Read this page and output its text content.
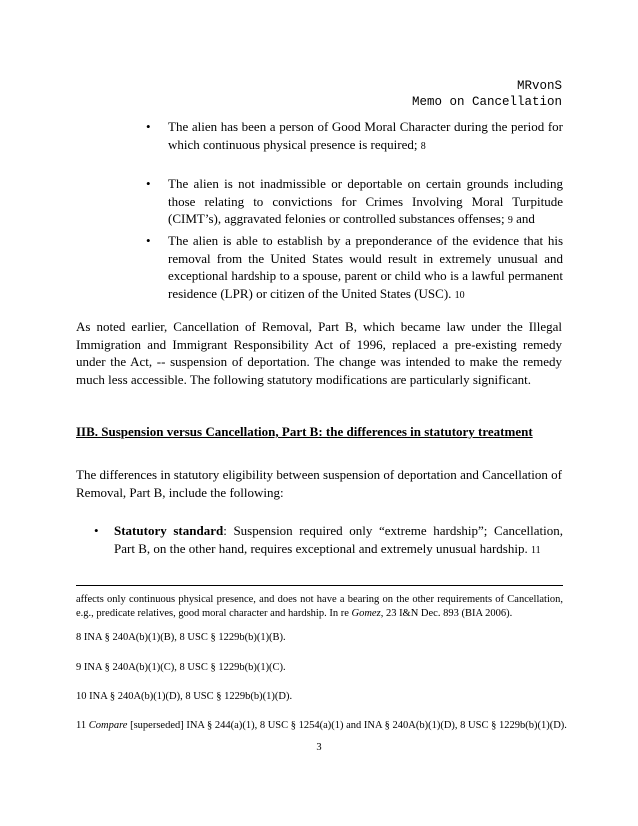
MRvonS
Memo on Cancellation
• The alien has been a person of Good Moral Character during the period for which continuous physical presence is required; 8
• The alien is not inadmissible or deportable on certain grounds including those relating to convictions for Crimes Involving Moral Turpitude (CIMT’s), aggravated felonies or controlled substances offenses; 9 and
• The alien is able to establish by a preponderance of the evidence that his removal from the United States would result in extremely unusual and exceptional hardship to a spouse, parent or child who is a lawful permanent residence (LPR) or citizen of the United States (USC). 10
As noted earlier, Cancellation of Removal, Part B, which became law under the Illegal Immigration and Immigrant Responsibility Act of 1996, replaced a pre-existing remedy under the Act, -- suspension of deportation. The change was intended to make the remedy much less accessible. The following statutory modifications are particularly significant.
IIB. Suspension versus Cancellation, Part B: the differences in statutory treatment
The differences in statutory eligibility between suspension of deportation and Cancellation of Removal, Part B, include the following:
• Statutory standard: Suspension required only “extreme hardship”; Cancellation, Part B, on the other hand, requires exceptional and extremely unusual hardship. 11
affects only continuous physical presence, and does not have a bearing on the other requirements of Cancellation, e.g., predicate relatives, good moral character and hardship. In re Gomez, 23 I&N Dec. 893 (BIA 2006).
8 INA § 240A(b)(1)(B), 8 USC § 1229b(b)(1)(B).
9 INA § 240A(b)(1)(C), 8 USC § 1229b(b)(1)(C).
10 INA § 240A(b)(1)(D), 8 USC § 1229b(b)(1)(D).
11 Compare [superseded] INA § 244(a)(1), 8 USC § 1254(a)(1) and INA § 240A(b)(1)(D), 8 USC § 1229b(b)(1)(D).
3
